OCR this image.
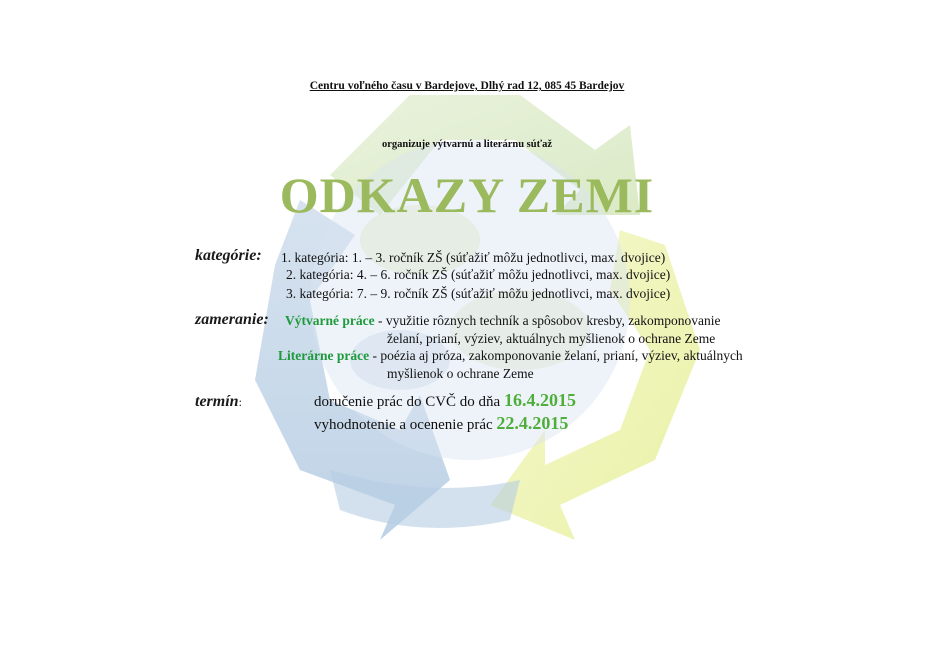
Centru voľného času v Bardejove, Dlhý rad 12, 085 45 Bardejov
organizuje výtvarnú a literárnu súťaž
ODKAZY ZEMI
kategórie: 1. kategória: 1. – 3. ročník ZŠ (súťažiť môžu jednotlivci, max. dvojice)
2. kategória: 4. – 6. ročník ZŠ (súťažiť môžu jednotlivci, max. dvojice)
3. kategória: 7. – 9. ročník ZŠ (súťažiť môžu jednotlivci, max. dvojice)
zameranie: Výtvarné práce - využitie rôznych techník a spôsobov kresby, zakomponovanie
želaní, prianí, výziev, aktuálnych myšlienok o ochrane Zeme
Literárne práce - poézia aj próza, zakomponovanie želaní, prianí, výziev, aktuálnych
myšlienok o ochrane Zeme
termín:	doručenie prác do CVČ do dňa 16.4.2015
vyhodnotenie a ocenenie prác 22.4.2015
